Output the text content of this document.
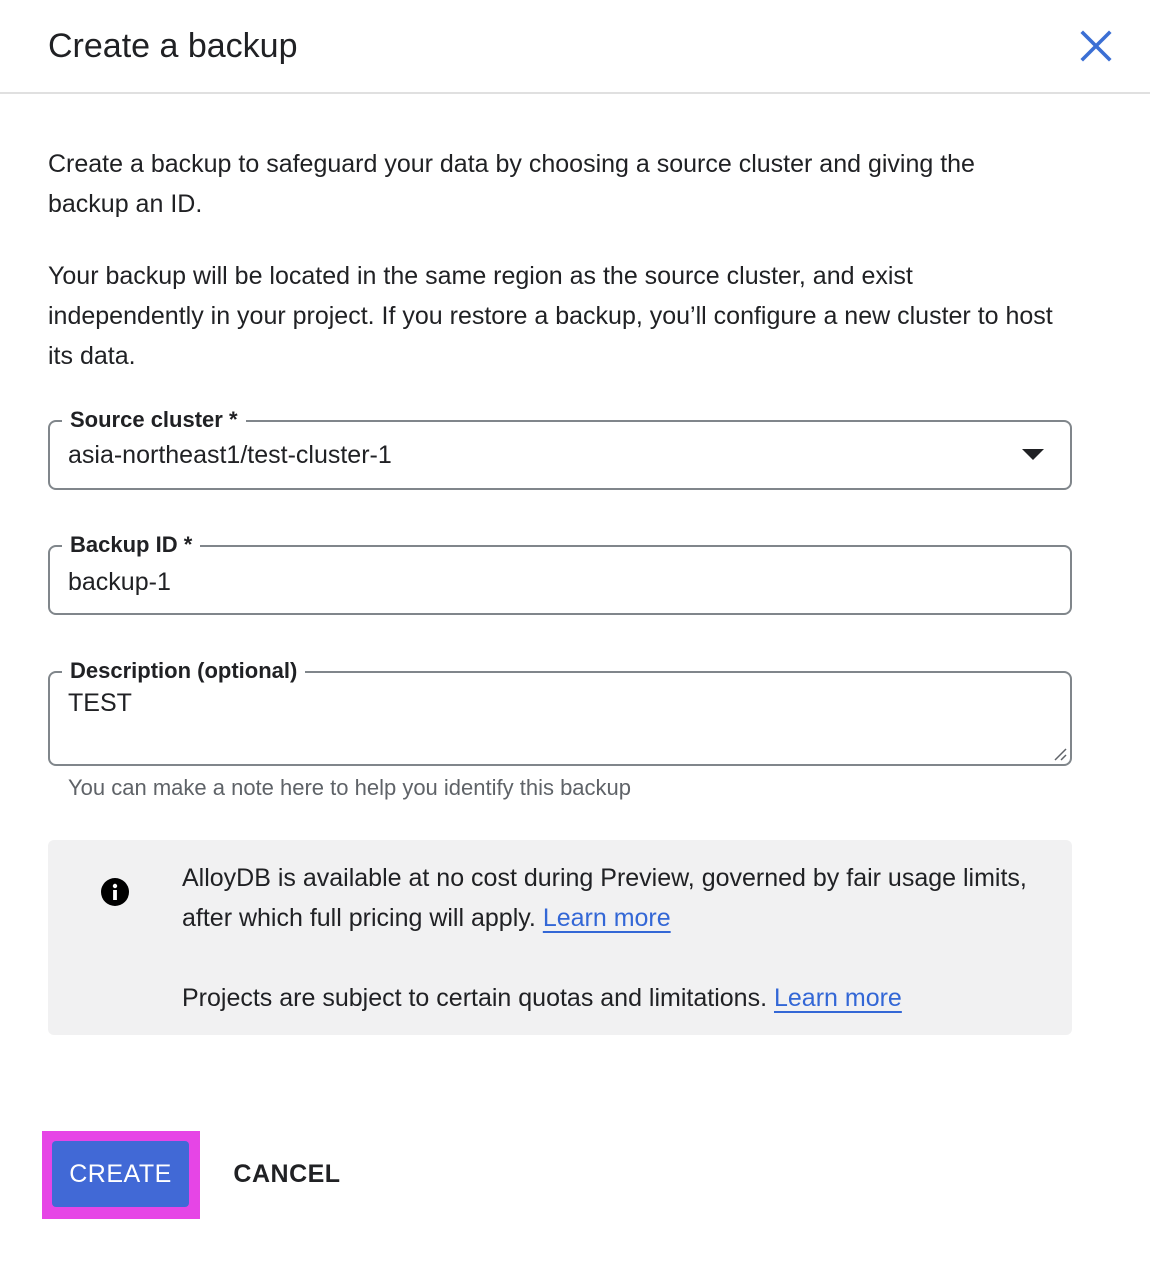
Create a backup
Create a backup to safeguard your data by choosing a source cluster and giving the backup an ID.
Your backup will be located in the same region as the source cluster, and exist independently in your project. If you restore a backup, you’ll configure a new cluster to host its data.
Source cluster *
asia-northeast1/test-cluster-1
Backup ID *
backup-1
Description (optional)
TEST
You can make a note here to help you identify this backup
AlloyDB is available at no cost during Preview, governed by fair usage limits, after which full pricing will apply. Learn more
Projects are subject to certain quotas and limitations. Learn more
CREATE	CANCEL
